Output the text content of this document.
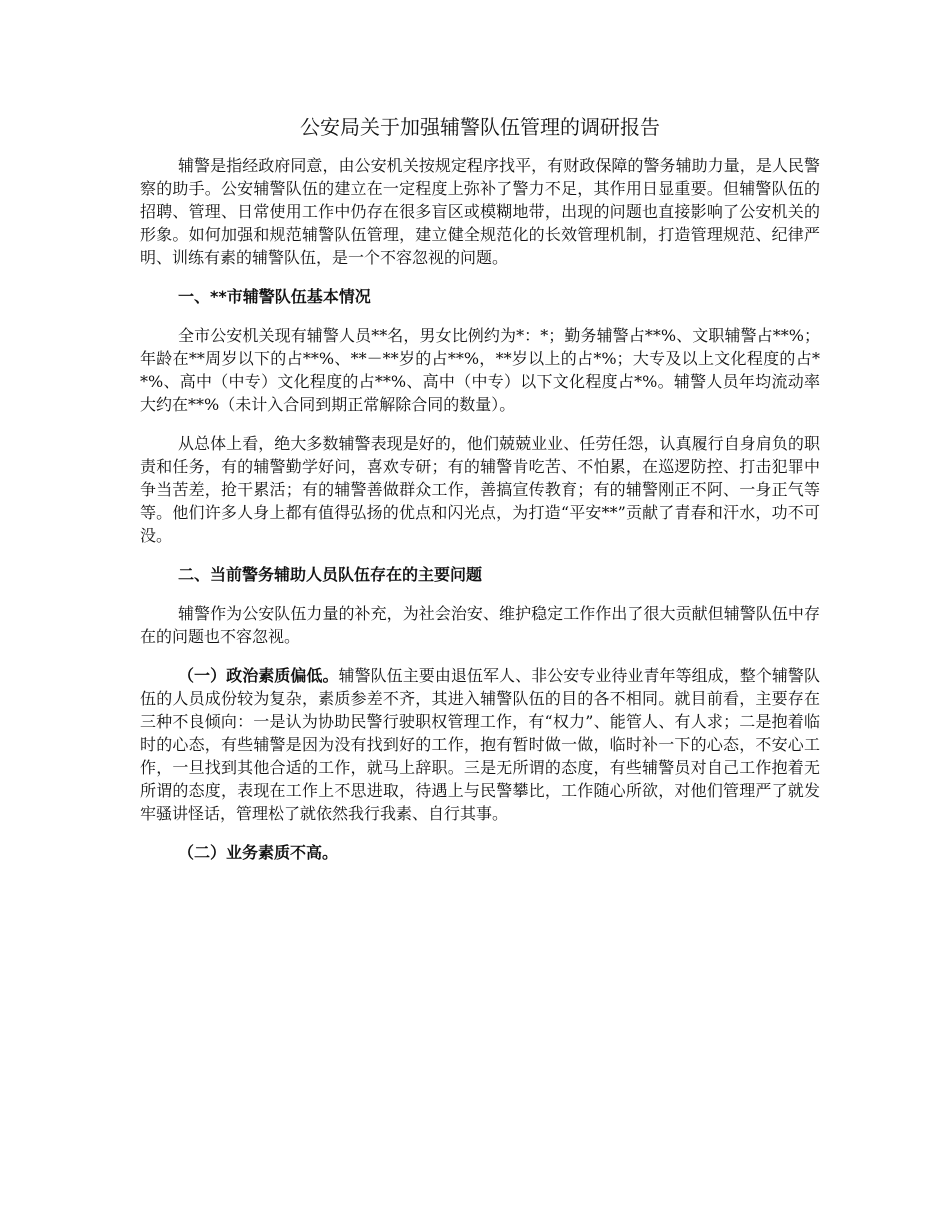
公安局关于加强辅警队伍管理的调研报告

辅警是指经政府同意，由公安机关按规定程序找平，有财政保障的警务辅助力量，是人民警察的助手。公安辅警队伍的建立在一定程度上弥补了警力不足，其作用日显重要。但辅警队伍的招聘、管理、日常使用工作中仍存在很多盲区或模糊地带，出现的问题也直接影响了公安机关的形象。如何加强和规范辅警队伍管理，建立健全规范化的长效管理机制，打造管理规范、纪律严明、训练有素的辅警队伍，是一个不容忽视的问题。

一、**市辅警队伍基本情况

全市公安机关现有辅警人员**名，男女比例约为*：*；勤务辅警占**%、文职辅警占**%；年龄在**周岁以下的占**%、**－**岁的占**%，**岁以上的占*%；大专及以上文化程度的占**%、高中（中专）文化程度的占**%、高中（中专）以下文化程度占*%。辅警人员年均流动率大约在**%（未计入合同到期正常解除合同的数量）。

从总体上看，绝大多数辅警表现是好的，他们兢兢业业、任劳任怨，认真履行自身肩负的职责和任务，有的辅警勤学好问，喜欢专研；有的辅警肯吃苦、不怕累，在巡逻防控、打击犯罪中争当苦差，抢干累活；有的辅警善做群众工作，善搞宣传教育；有的辅警刚正不阿、一身正气等等。他们许多人身上都有值得弘扬的优点和闪光点，为打造“平安**”贡献了青春和汗水，功不可没。

二、当前警务辅助人员队伍存在的主要问题

辅警作为公安队伍力量的补充，为社会治安、维护稳定工作作出了很大贡献但辅警队伍中存在的问题也不容忽视。

（一）政治素质偏低。辅警队伍主要由退伍军人、非公安专业待业青年等组成，整个辅警队伍的人员成份较为复杂，素质参差不齐，其进入辅警队伍的目的各不相同。就目前看，主要存在三种不良倾向：一是认为协助民警行驶职权管理工作，有“权力”、能管人、有人求；二是抱着临时的心态，有些辅警是因为没有找到好的工作，抱有暂时做一做，临时补一下的心态，不安心工作，一旦找到其他合适的工作，就马上辞职。三是无所谓的态度，有些辅警员对自己工作抱着无所谓的态度，表现在工作上不思进取，待遇上与民警攀比，工作随心所欲，对他们管理严了就发牢骚讲怪话，管理松了就依然我行我素、自行其事。

（二）业务素质不高。
